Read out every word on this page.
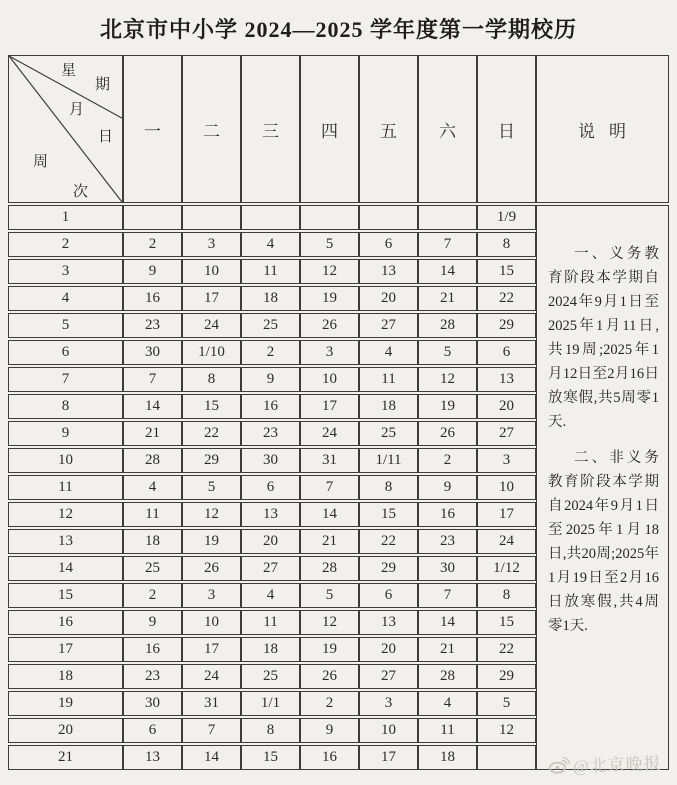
北京市中小学 2024—2025 学年度第一学期校历
星
期
月
日
周
次
	一	二	三	四	五	六	日	说明
1							1/9	一、义务教育阶段本学期自2024年9月1日至2025年1月11日,共19周;2025年1月12日至2月16日放寒假,共5周零1天.

二、非义务教育阶段本学期自2024年9月1日至2025年1月18日,共20周;2025年1月19日至2月16日放寒假,共4周零1天.

2	2	3	4	5	6	7	8	
3	9	10	11	12	13	14	15	
4	16	17	18	19	20	21	22	
5	23	24	25	26	27	28	29	
6	30	1/10	2	3	4	5	6	
7	7	8	9	10	11	12	13	
8	14	15	16	17	18	19	20	
9	21	22	23	24	25	26	27	
10	28	29	30	31	1/11	2	3	
11	4	5	6	7	8	9	10	
12	11	12	13	14	15	16	17	
13	18	19	20	21	22	23	24	
14	25	26	27	28	29	30	1/12	
15	2	3	4	5	6	7	8	
16	9	10	11	12	13	14	15	
17	16	17	18	19	20	21	22	
18	23	24	25	26	27	28	29	
19	30	31	1/1	2	3	4	5	
20	6	7	8	9	10	11	12	
21	13	14	15	16	17	18			@北京晚报
